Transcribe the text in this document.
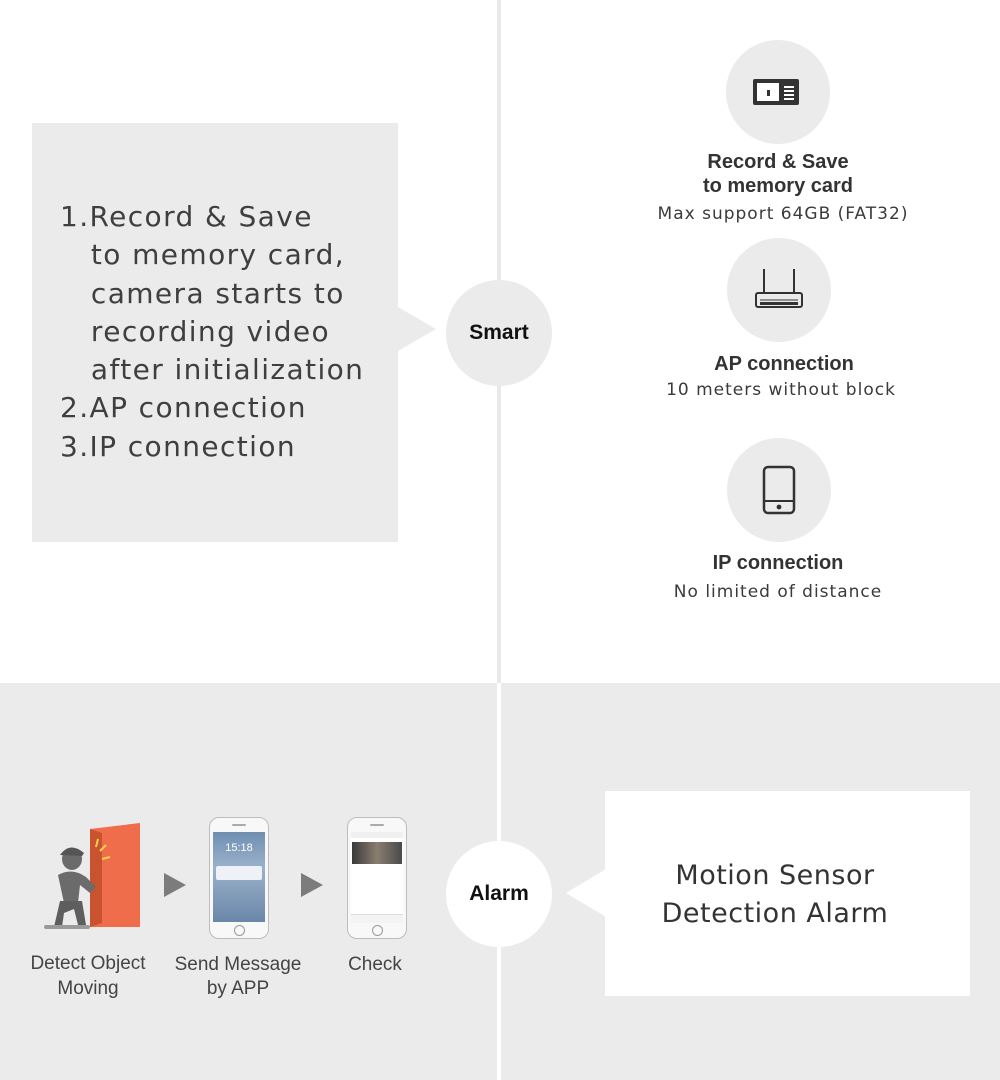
1.Record & Save
to memory card,
camera starts to
recording video
after initialization
2.AP connection
3.IP connection
Smart
Record & Save
to memory card
Max support 64GB (FAT32)
AP connection
10 meters without block
IP connection
No limited of distance
Alarm
Detect Object
Moving
15:18
Send Message
by APP
Check
Motion Sensor
Detection Alarm
